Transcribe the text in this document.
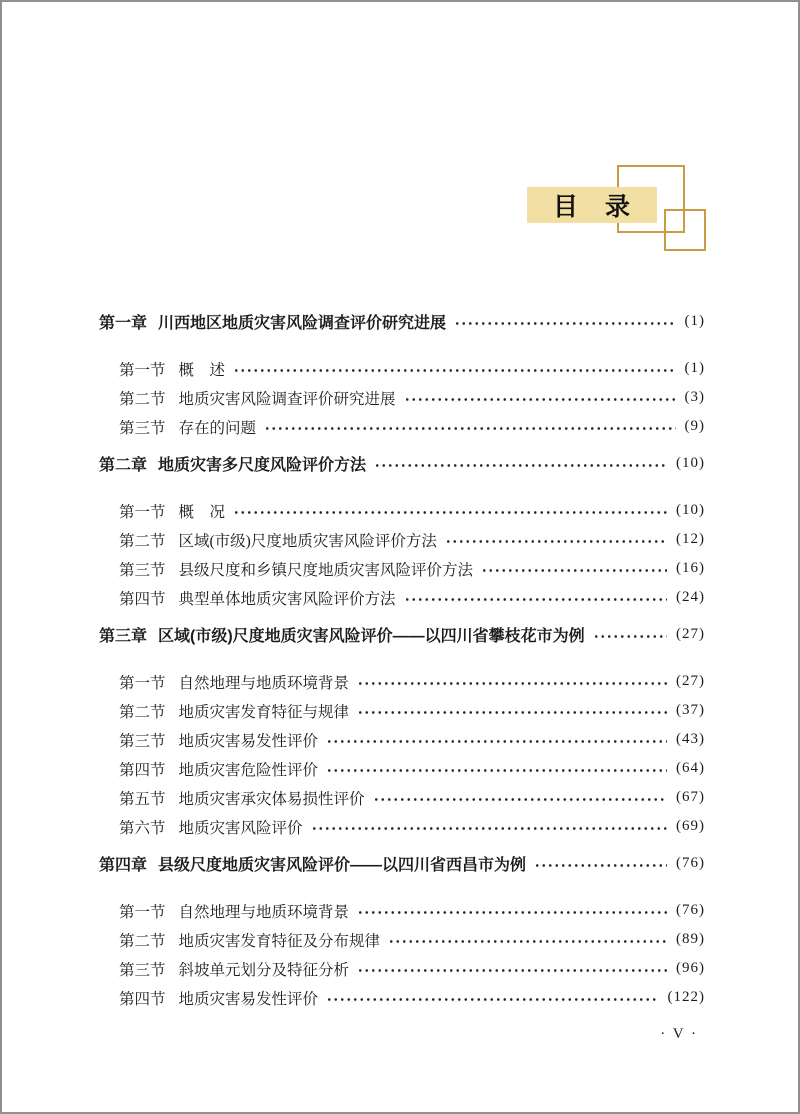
目　录
第一章 川西地区地质灾害风险调查评价研究进展	(1)
第一节 概　述	(1)
第二节 地质灾害风险调查评价研究进展	(3)
第三节 存在的问题	(9)
第二章 地质灾害多尺度风险评价方法	(10)
第一节 概　况	(10)
第二节 区域(市级)尺度地质灾害风险评价方法	(12)
第三节 县级尺度和乡镇尺度地质灾害风险评价方法	(16)
第四节 典型单体地质灾害风险评价方法	(24)
第三章 区域(市级)尺度地质灾害风险评价——以四川省攀枝花市为例	(27)
第一节 自然地理与地质环境背景	(27)
第二节 地质灾害发育特征与规律	(37)
第三节 地质灾害易发性评价	(43)
第四节 地质灾害危险性评价	(64)
第五节 地质灾害承灾体易损性评价	(67)
第六节 地质灾害风险评价	(69)
第四章 县级尺度地质灾害风险评价——以四川省西昌市为例	(76)
第一节 自然地理与地质环境背景	(76)
第二节 地质灾害发育特征及分布规律	(89)
第三节 斜坡单元划分及特征分析	(96)
第四节 地质灾害易发性评价	(122)
· V ·
